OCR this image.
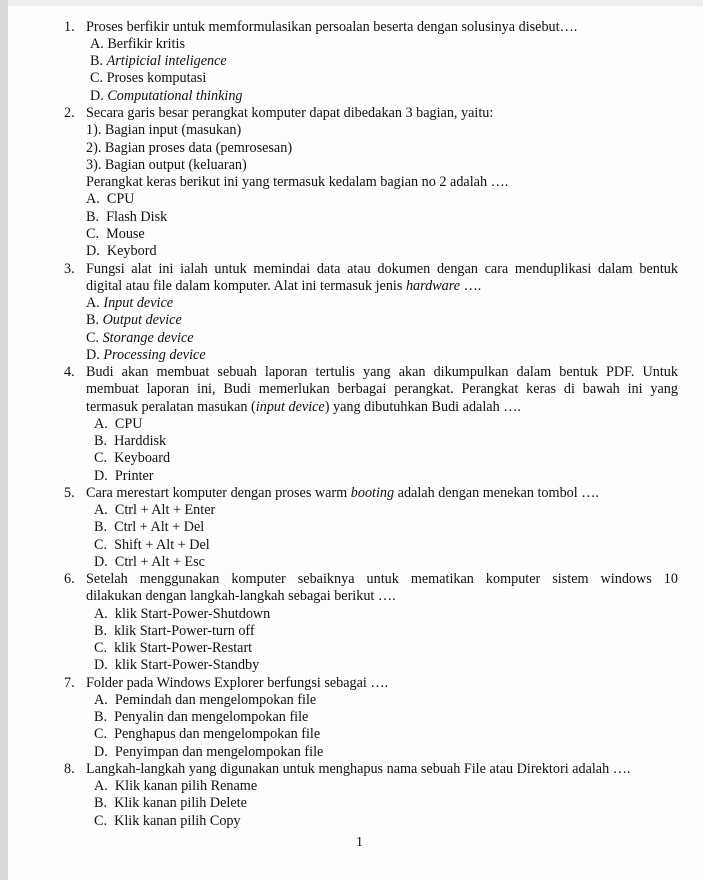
1. Proses berfikir untuk memformulasikan persoalan beserta dengan solusinya disebut….
A. Berfikir kritis
B. Artipicial inteligence
C. Proses komputasi
D. Computational thinking
2. Secara garis besar perangkat komputer dapat dibedakan 3 bagian, yaitu:
1). Bagian input (masukan)
2). Bagian proses data (pemrosesan)
3). Bagian output (keluaran)
Perangkat keras berikut ini yang termasuk kedalam bagian no 2 adalah ….
A. CPU
B. Flash Disk
C. Mouse
D. Keybord
3. Fungsi alat ini ialah untuk memindai data atau dokumen dengan cara menduplikasi dalam bentuk
digital atau file dalam komputer. Alat ini termasuk jenis hardware ….
A. Input device
B. Output device
C. Storange device
D. Processing device
4. Budi akan membuat sebuah laporan tertulis yang akan dikumpulkan dalam bentuk PDF. Untuk
membuat laporan ini, Budi memerlukan berbagai perangkat. Perangkat keras di bawah ini yang
termasuk peralatan masukan (input device) yang dibutuhkan Budi adalah ….
A. CPU
B. Harddisk
C. Keyboard
D. Printer
5. Cara merestart komputer dengan proses warm booting adalah dengan menekan tombol ….
A. Ctrl + Alt + Enter
B. Ctrl + Alt + Del
C. Shift + Alt + Del
D. Ctrl + Alt + Esc
6. Setelah menggunakan komputer sebaiknya untuk mematikan komputer sistem windows 10
dilakukan dengan langkah-langkah sebagai berikut ….
A. klik Start-Power-Shutdown
B. klik Start-Power-turn off
C. klik Start-Power-Restart
D. klik Start-Power-Standby
7. Folder pada Windows Explorer berfungsi sebagai ….
A. Pemindah dan mengelompokan file
B. Penyalin dan mengelompokan file
C. Penghapus dan mengelompokan file
D. Penyimpan dan mengelompokan file
8. Langkah-langkah yang digunakan untuk menghapus nama sebuah File atau Direktori adalah ….
A. Klik kanan pilih Rename
B. Klik kanan pilih Delete
C. Klik kanan pilih Copy
1
